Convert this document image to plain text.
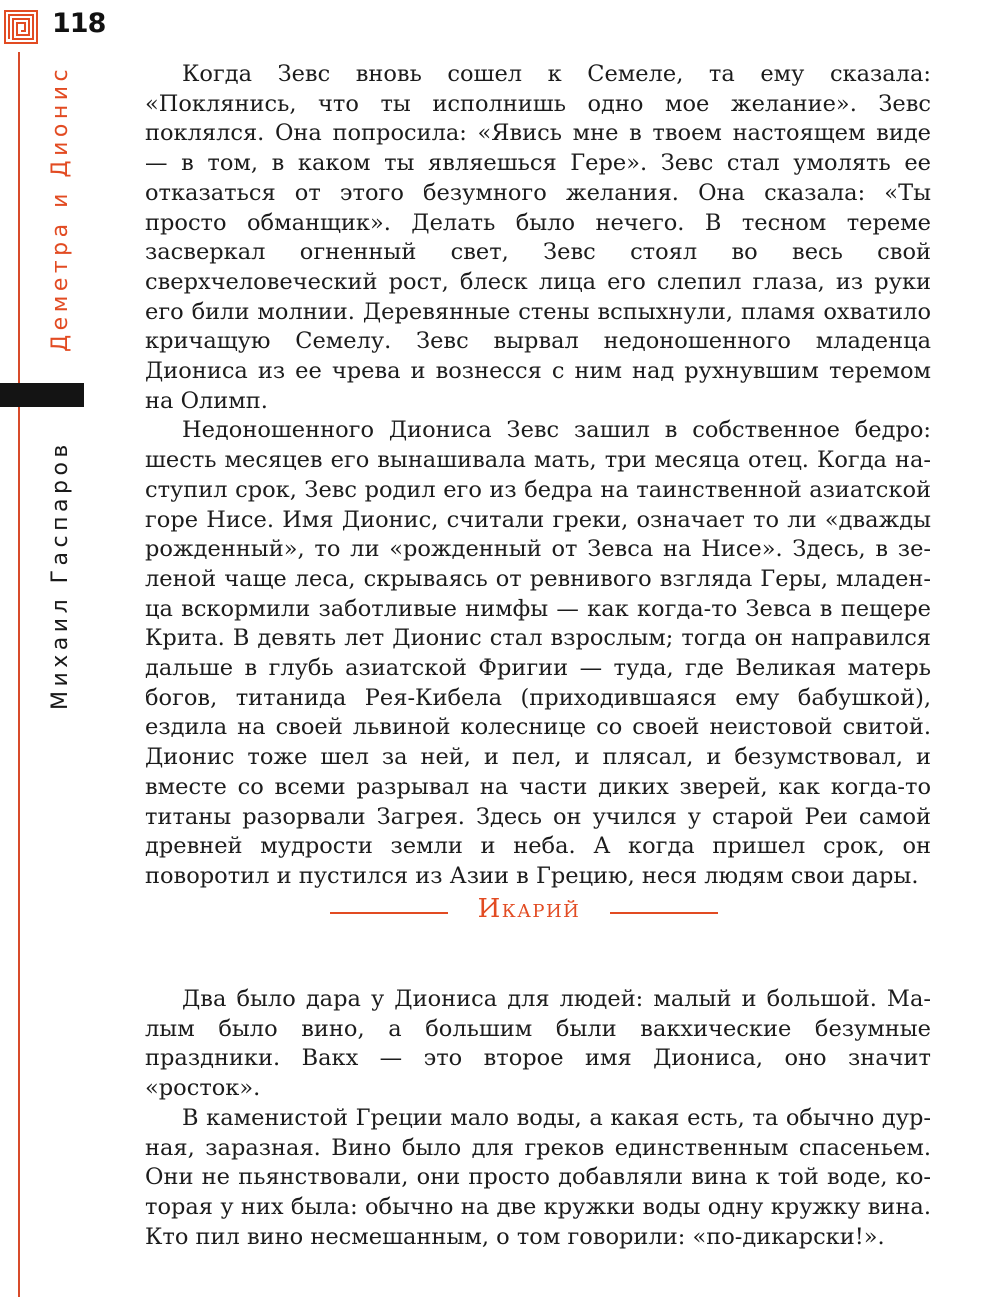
118
Деметра и Дионис
Михаил Гаспаров

Когда Зевс вновь сошел к Семеле, та ему сказала: «Поклянись, что ты исполнишь одно мое желание». Зевс поклялся. Она попросила: «Явись мне в твоем настоящем виде — в том, в каком ты являешься Гере». Зевс стал умолять ее отказаться от этого безумного желания. Она сказала: «Ты просто обманщик». Делать было нечего. В тесном тереме засверкал огненный свет, Зевс стоял во весь свой сверхчеловеческий рост, блеск лица его слепил глаза, из руки его били молнии. Деревянные стены вспыхнули, пламя охватило кричащую Семелу. Зевс вырвал недоношенного младенца Диониса из ее чрева и вознесся с ним над рухнувшим теремом на Олимп.

Недоношенного Диониса Зевс зашил в собственное бедро: шесть месяцев его вынашивала мать, три месяца отец. Когда наступил срок, Зевс родил его из бедра на таинственной азиатской горе Нисе. Имя Дионис, считали греки, означает то ли «дважды рожденный», то ли «рожденный от Зевса на Нисе». Здесь, в зеленой чаще леса, скрываясь от ревнивого взгляда Геры, младенца вскормили заботливые нимфы — как когда-то Зевса в пещере Крита. В девять лет Дионис стал взрослым; тогда он направился дальше в глубь азиатской Фригии — туда, где Великая матерь богов, титанида Рея-Кибела (приходившаяся ему бабушкой), ездила на своей львиной колеснице со своей неистовой свитой. Дионис тоже шел за ней, и пел, и плясал, и безумствовал, и вместе со всеми разрывал на части диких зверей, как когда-то титаны разорвали Загрея. Здесь он учился у старой Реи самой древней мудрости земли и неба. А когда пришел срок, он поворотил и пустился из Азии в Грецию, неся людям свои дары.

Икарий

Два было дара у Диониса для людей: малый и большой. Малым было вино, а большим были вакхические безумные праздники. Вакх — это второе имя Диониса, оно значит «росток».

В каменистой Греции мало воды, а какая есть, та обычно дурная, заразная. Вино было для греков единственным спасеньем. Они не пьянствовали, они просто добавляли вина к той воде, которая у них была: обычно на две кружки воды одну кружку вина. Кто пил вино несмешанным, о том говорили: «по-дикарски!».
